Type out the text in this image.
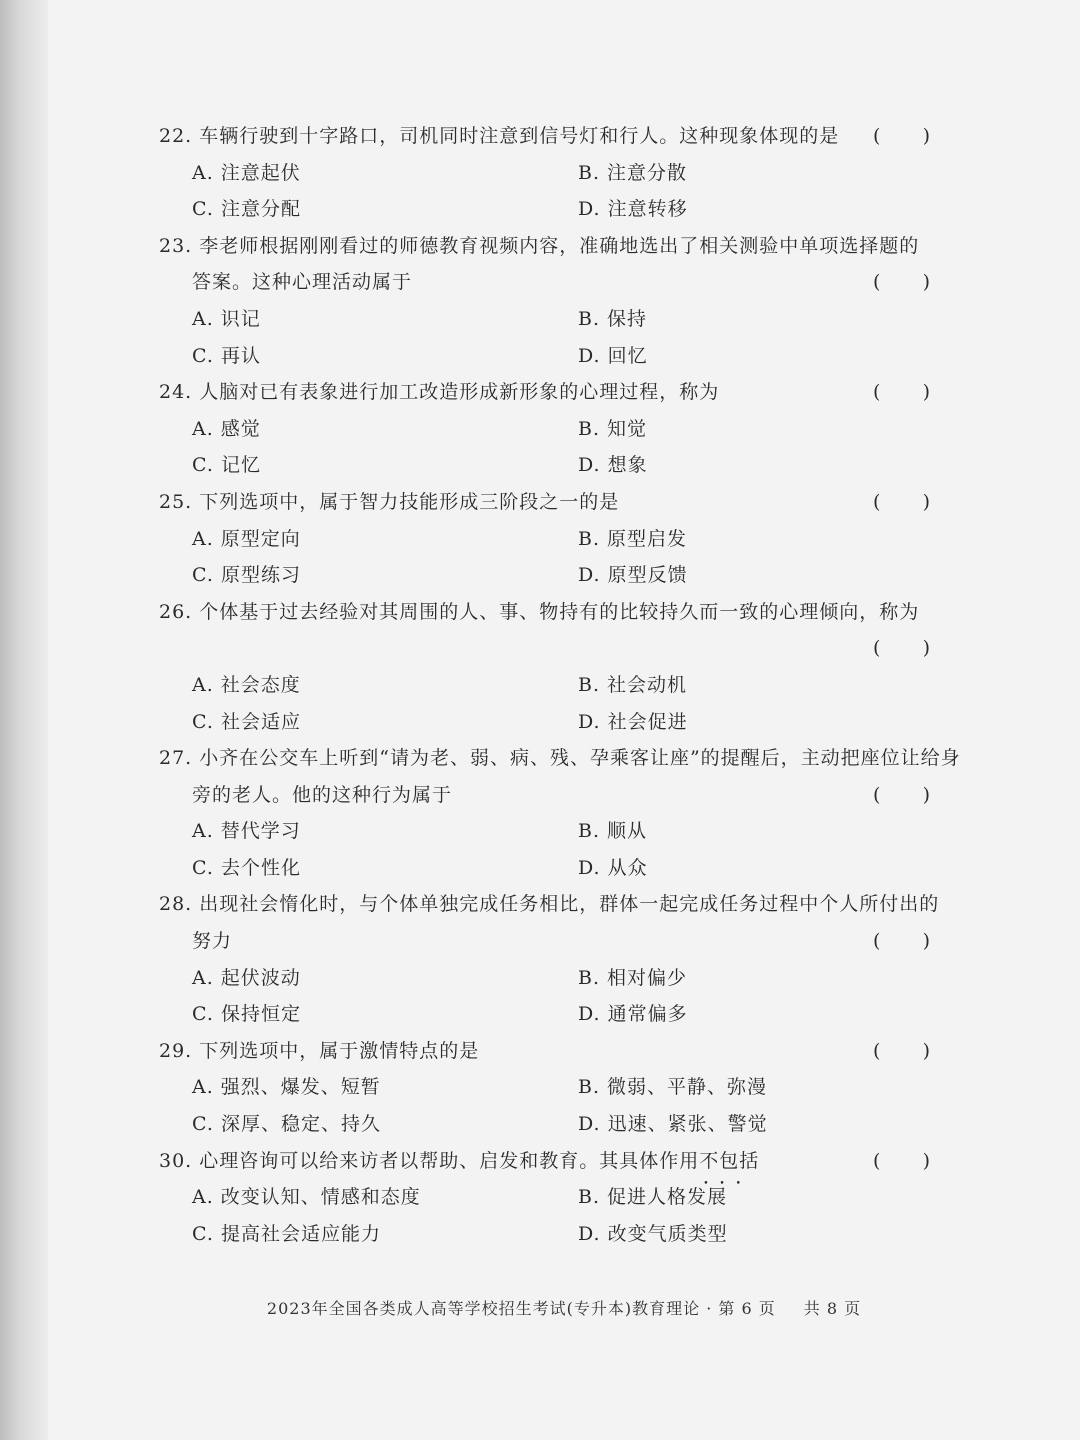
22. 车辆行驶到十字路口，司机同时注意到信号灯和行人。这种现象体现的是 ( )
A. 注意起伏	B. 注意分散
C. 注意分配	D. 注意转移
23. 李老师根据刚刚看过的师德教育视频内容，准确地选出了相关测验中单项选择题的
答案。这种心理活动属于	( )
A. 识记	B. 保持
C. 再认	D. 回忆
24. 人脑对已有表象进行加工改造形成新形象的心理过程，称为	( )
A. 感觉	B. 知觉
C. 记忆	D. 想象
25. 下列选项中，属于智力技能形成三阶段之一的是	( )
A. 原型定向	B. 原型启发
C. 原型练习	D. 原型反馈
26. 个体基于过去经验对其周围的人、事、物持有的比较持久而一致的心理倾向，称为
( )
A. 社会态度	B. 社会动机
C. 社会适应	D. 社会促进
27. 小齐在公交车上听到“请为老、弱、病、残、孕乘客让座”的提醒后，主动把座位让给身
旁的老人。他的这种行为属于	( )
A. 替代学习	B. 顺从
C. 去个性化	D. 从众
28. 出现社会惰化时，与个体单独完成任务相比，群体一起完成任务过程中个人所付出的
努力	( )
A. 起伏波动	B. 相对偏少
C. 保持恒定	D. 通常偏多
29. 下列选项中，属于激情特点的是	( )
A. 强烈、爆发、短暂	B. 微弱、平静、弥漫
C. 深厚、稳定、持久	D. 迅速、紧张、警觉
30. 心理咨询可以给来访者以帮助、启发和教育。其具体作用不包括 • • •	( )
A. 改变认知、情感和态度	B. 促进人格发展
C. 提高社会适应能力	D. 改变气质类型
2023年全国各类成人高等学校招生考试(专升本)教育理论 · 第 6 页 共 8 页
